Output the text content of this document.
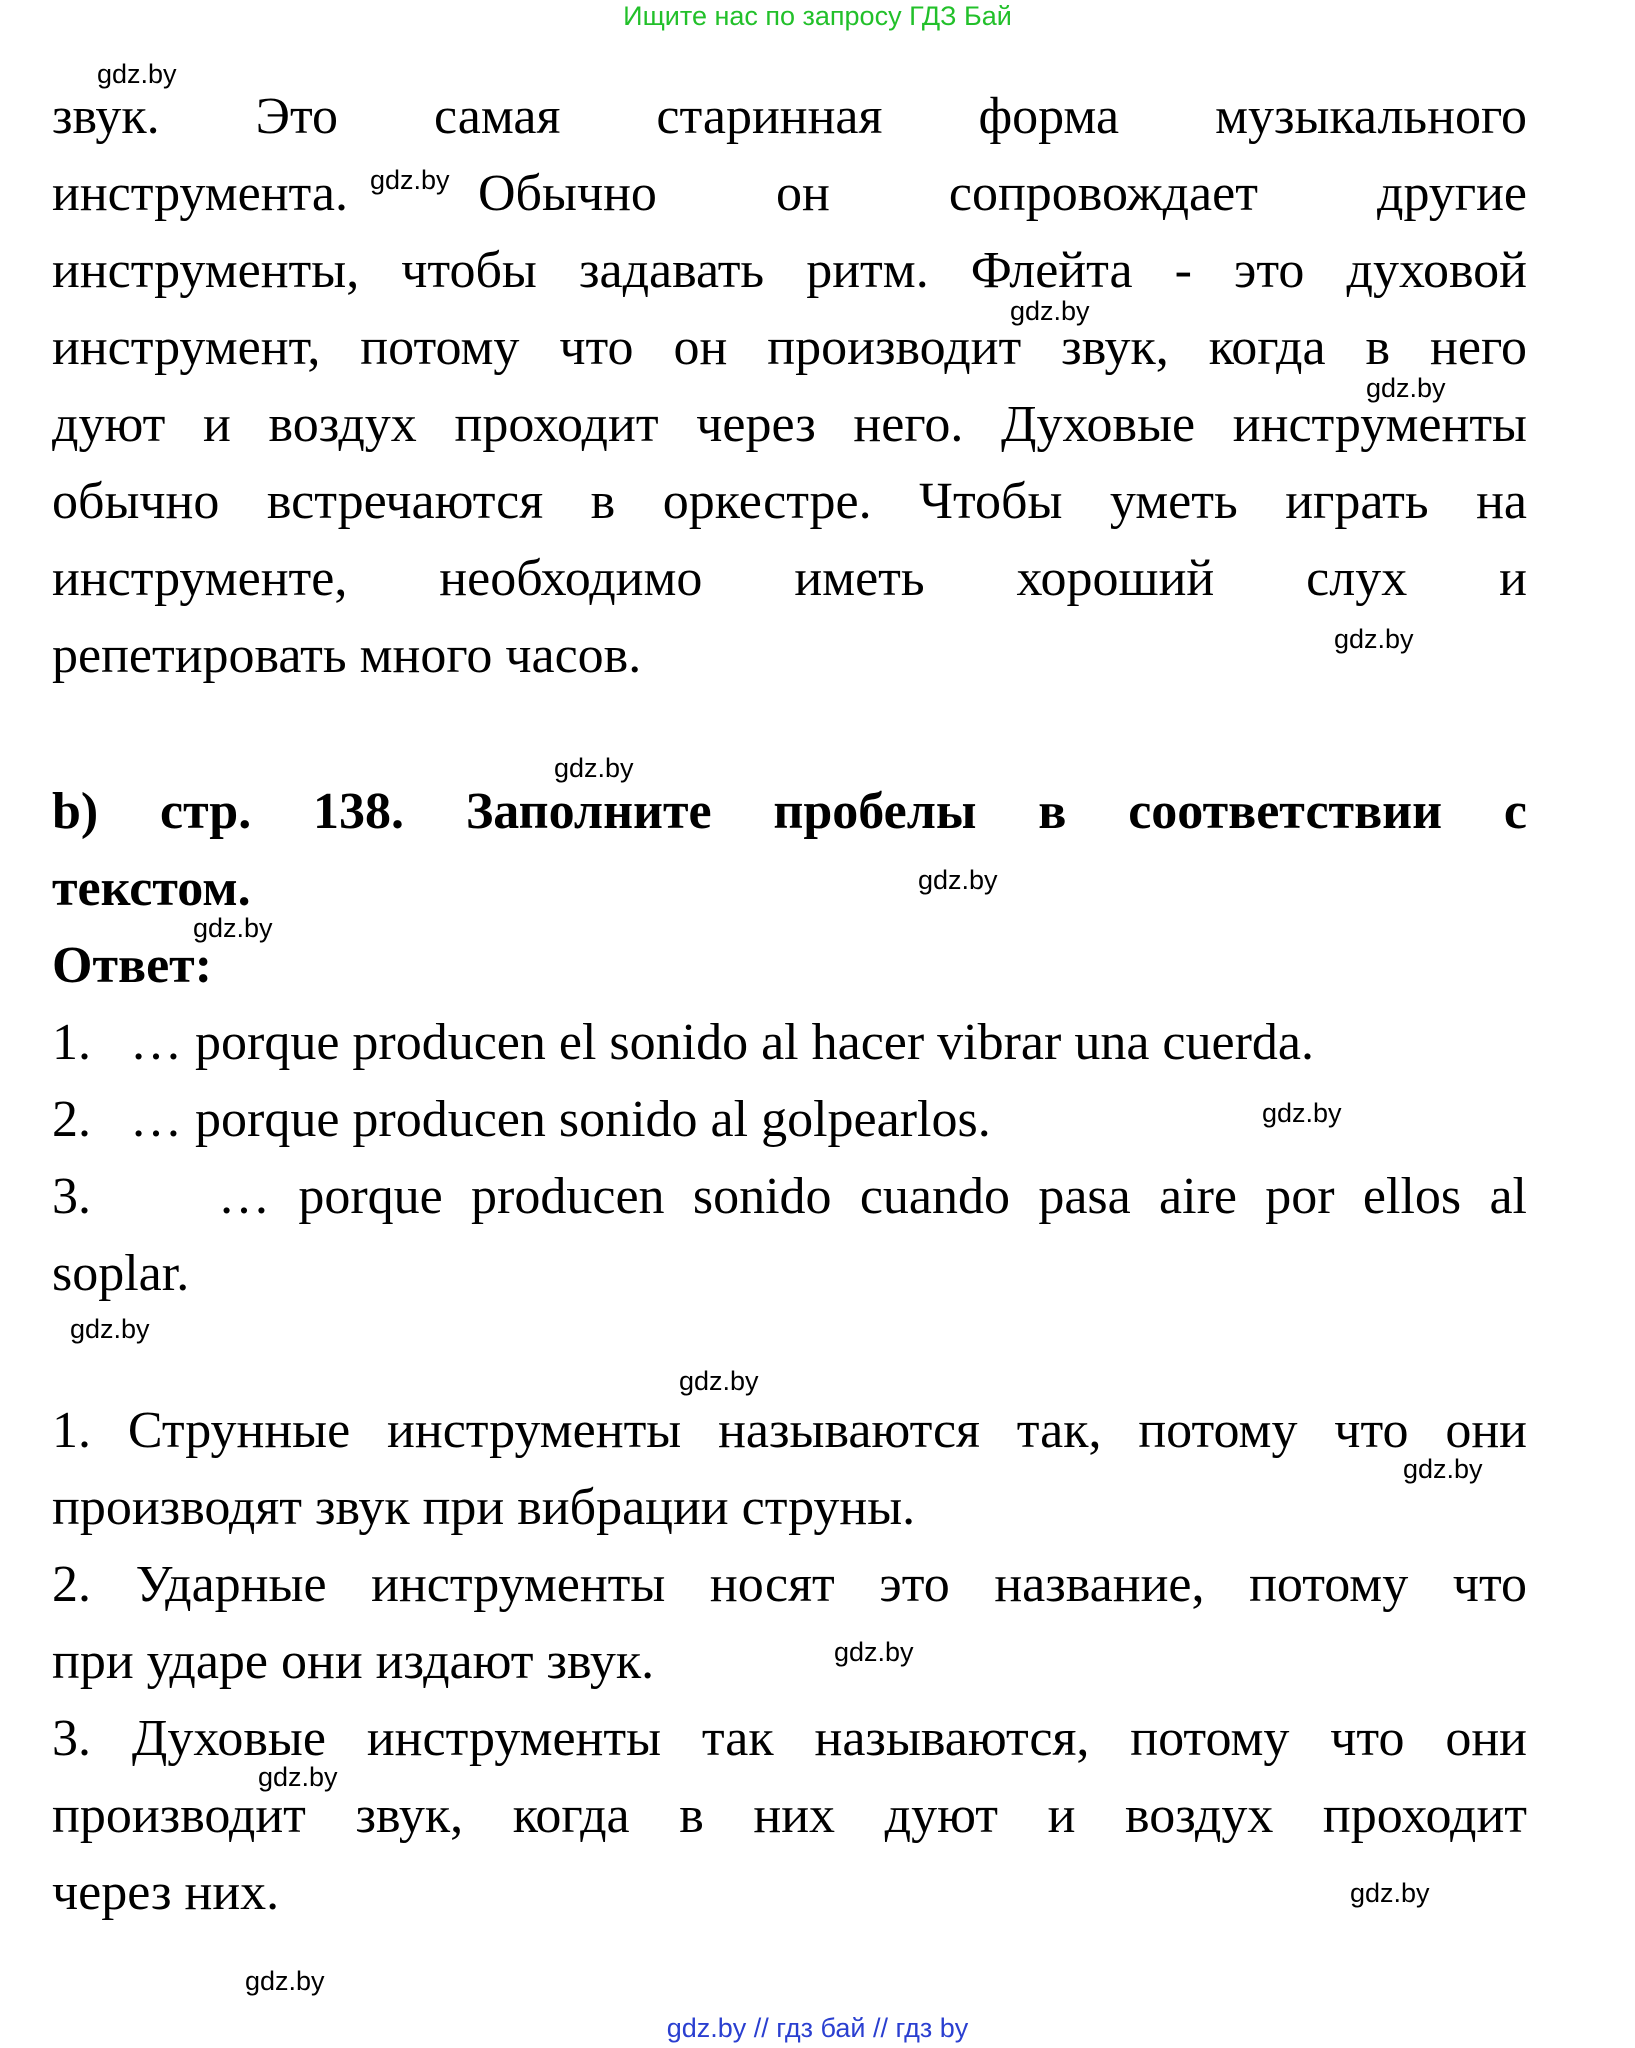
Ищите нас по запросу ГДЗ Бай
звук. Это самая старинная форма музыкального
инструмента.	Обычно он сопровождает другие
инструменты, чтобы задавать ритм. Флейта - это духовой
инструмент, потому что он производит звук, когда в него
дуют и воздух проходит через него. Духовые инструменты
обычно встречаются в оркестре. Чтобы уметь играть на
инструменте, необходимо иметь хороший слух и
репетировать много часов.
b) стр. 138. Заполните пробелы в соответствии с
текстом.
Ответ:
1. … porque producen el sonido al hacer vibrar una cuerda.
2. … porque producen sonido al golpearlos.
3.	… porque producen sonido cuando pasa aire por ellos al
soplar.
1. Струнные инструменты называются так, потому что они
производят звук при вибрации струны.
2. Ударные инструменты носят это название, потому что
при ударе они издают звук.
3. Духовые инструменты так называются, потому что они
производит звук, когда в них дуют и воздух проходит
через них.
gdz.by
gdz.by
gdz.by
gdz.by
gdz.by
gdz.by
gdz.by
gdz.by
gdz.by
gdz.by
gdz.by
gdz.by
gdz.by
gdz.by
gdz.by
gdz.by
gdz.by // гдз бай // гдз by
